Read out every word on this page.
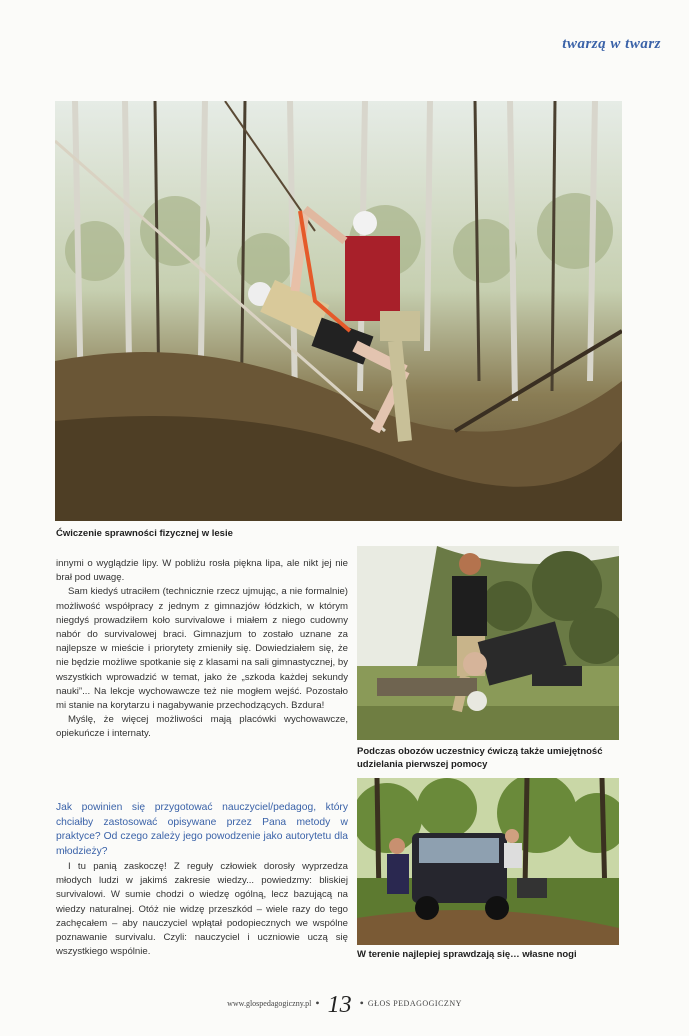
twarzą w twarz
Ćwiczenie sprawności fizycznej w lesie
Podczas obozów uczestnicy ćwiczą także umiejętność udzielania pierwszej pomocy
W terenie najlepiej sprawdzają się… własne nogi

innymi o wyglądzie lipy. W pobliżu rosła piękna lipa, ale nikt jej nie brał pod uwagę.

Sam kiedyś utraciłem (technicznie rzecz ujmując, a nie formalnie) możliwość współpracy z jednym z gimnazjów łódzkich, w którym niegdyś prowadziłem koło survivalowe i miałem z niego cudowny nabór do survivalowej braci. Gimnazjum to zostało uznane za najlepsze w mieście i priorytety zmieniły się. Dowiedziałem się, że nie będzie możliwe spotkanie się z klasami na sali gimnastycznej, by wszystkich wprowadzić w temat, jako że „szkoda każdej sekundy nauki”... Na lekcje wychowawcze też nie mogłem wejść. Pozostało mi stanie na korytarzu i nagabywanie przechodzących. Bzdura!

Myślę, że więcej możliwości mają placówki wychowawcze, opiekuńcze i internaty.

Jak powinien się przygotować nauczyciel/pedagog, który chciałby zastosować opisywane przez Pana metody w praktyce? Od czego zależy jego powodzenie jako autorytetu dla młodzieży?

I tu panią zaskoczę! Z reguły człowiek dorosły wyprzedza młodych ludzi w jakimś zakresie wiedzy... powiedzmy: bliskiej survivalowi. W sumie chodzi o wiedzę ogólną, lecz bazującą na wiedzy naturalnej. Otóż nie widzę przeszkód – wiele razy do tego zachęcałem – aby nauczyciel wpłątał podopiecznych we wspólne poznawanie survivalu. Czyli: nauczyciel i uczniowie uczą się wszystkiego wspólnie.

www.glospedagogiczny.pl • 13 • GŁOS PEDAGOGICZNY
